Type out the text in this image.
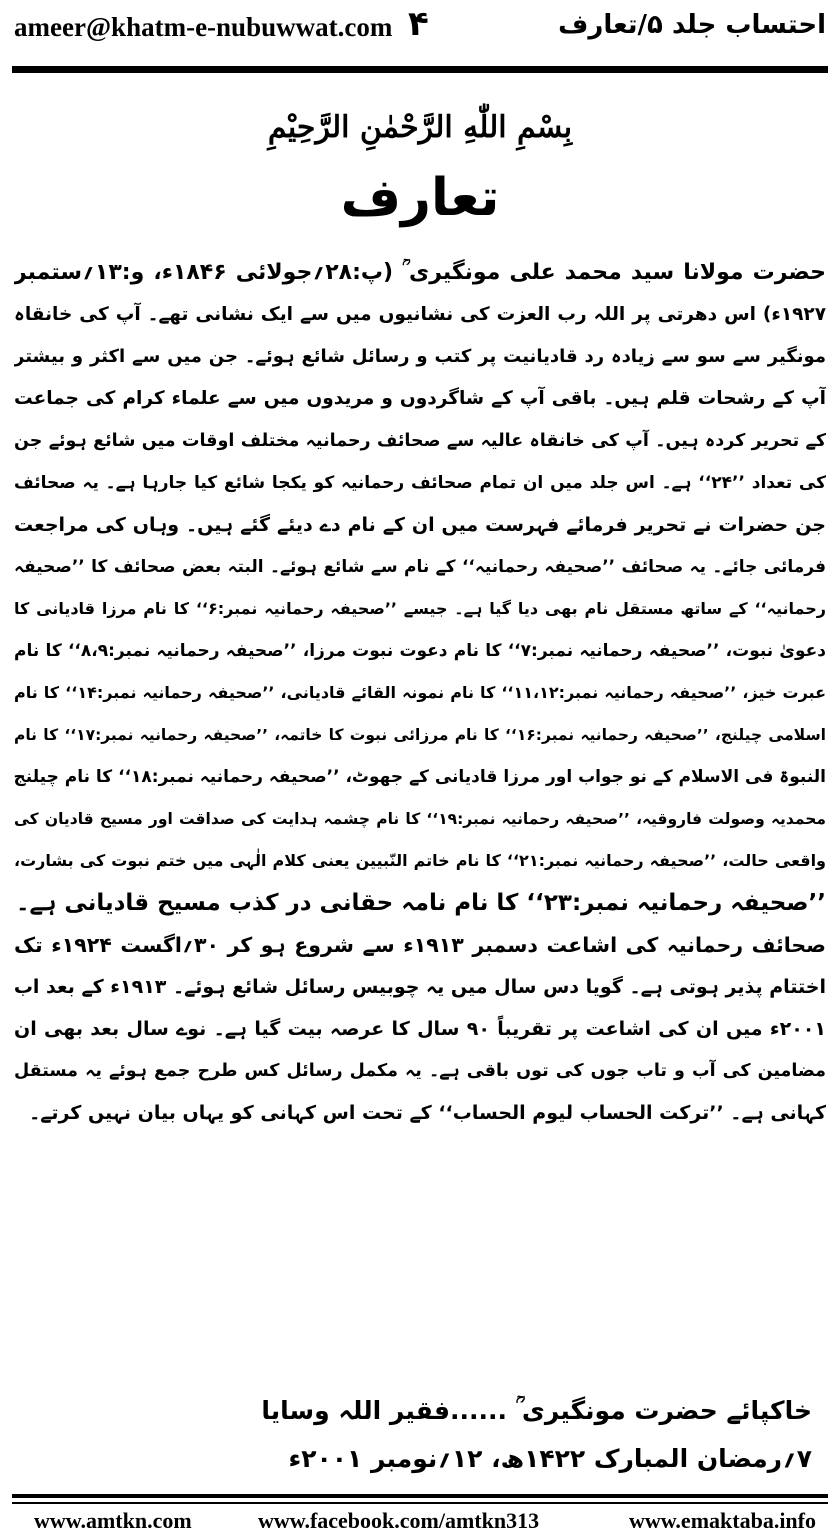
ameer@khatm-e-nubuwwat.com ۴	احتساب جلد ۵/تعارف
بِسْمِ اللّٰهِ الرَّحْمٰنِ الرَّحِيْمِ
تعارف
حضرت مولانا سید محمد علی مونگیری ؒ (پ:۲۸؍جولائی ۱۸۴۶ء، و:۱۳؍ستمبر
۱۹۲۷ء) اس دھرتی پر اللہ رب العزت کی نشانیوں میں سے ایک نشانی تھے۔ آپ کی خانقاہ
مونگیر سے سو سے زیادہ رد قادیانیت پر کتب و رسائل شائع ہوئے۔ جن میں سے اکثر و بیشتر
آپ کے رشحات قلم ہیں۔ باقی آپ کے شاگردوں و مریدوں میں سے علماء کرام کی جماعت
کے تحریر کردہ ہیں۔ آپ کی خانقاہ عالیہ سے صحائف رحمانیہ مختلف اوقات میں شائع ہوئے جن
کی تعداد ’’۲۴‘‘ ہے۔ اس جلد میں ان تمام صحائف رحمانیہ کو یکجا شائع کیا جارہا ہے۔ یہ صحائف
جن حضرات نے تحریر فرمائے فہرست میں ان کے نام دے دیئے گئے ہیں۔ وہاں کی مراجعت
فرمائی جائے۔ یہ صحائف ’’صحیفہ رحمانیہ‘‘ کے نام سے شائع ہوئے۔ البتہ بعض صحائف کا ’’صحیفہ
رحمانیہ‘‘ کے ساتھ مستقل نام بھی دیا گیا ہے۔ جیسے ’’صحیفہ رحمانیہ نمبر:۶‘‘ کا نام مرزا قادیانی کا
دعویٰ نبوت، ’’صحیفہ رحمانیہ نمبر:۷‘‘ کا نام دعوت نبوت مرزا، ’’صحیفہ رحمانیہ نمبر:۸،۹‘‘ کا نام
عبرت خیز، ’’صحیفہ رحمانیہ نمبر:۱۱،۱۲‘‘ کا نام نمونہ القائے قادیانی، ’’صحیفہ رحمانیہ نمبر:۱۴‘‘ کا نام
اسلامی چیلنج، ’’صحیفہ رحمانیہ نمبر:۱۶‘‘ کا نام مرزائی نبوت کا خاتمہ، ’’صحیفہ رحمانیہ نمبر:۱۷‘‘ کا نام
النبوۃ فی الاسلام کے نو جواب اور مرزا قادیانی کے جھوٹ، ’’صحیفہ رحمانیہ نمبر:۱۸‘‘ کا نام چیلنج
محمدیہ وصولت فاروقیہ، ’’صحیفہ رحمانیہ نمبر:۱۹‘‘ کا نام چشمہ ہدایت کی صداقت اور مسیح قادیان کی
واقعی حالت، ’’صحیفہ رحمانیہ نمبر:۲۱‘‘ کا نام خاتم النّبیین یعنی کلام الٰہی میں ختم نبوت کی بشارت،
’’صحیفہ رحمانیہ نمبر:۲۳‘‘ کا نام نامہ حقانی در کذب مسیح قادیانی ہے۔
صحائف رحمانیہ کی اشاعت دسمبر ۱۹۱۳ء سے شروع ہو کر ۳۰؍اگست ۱۹۲۴ء تک
اختتام پذیر ہوتی ہے۔ گویا دس سال میں یہ چوبیس رسائل شائع ہوئے۔ ۱۹۱۳ء کے بعد اب
۲۰۰۱ء میں ان کی اشاعت پر تقریباً ۹۰ سال کا عرصہ بیت گیا ہے۔ نوے سال بعد بھی ان
مضامین کی آب و تاب جوں کی توں باقی ہے۔ یہ مکمل رسائل کس طرح جمع ہوئے یہ مستقل
کہانی ہے۔ ’’ترکت الحساب لیوم الحساب‘‘ کے تحت اس کہانی کو یہاں بیان نہیں کرتے۔
خاکپائے حضرت مونگیری ؒ ......فقیر اللہ وسایا
۷؍رمضان المبارک ۱۴۲۲ھ، ۱۲؍نومبر ۲۰۰۱ء
www.amtkn.com	www.facebook.com/amtkn313	www.emaktaba.info
